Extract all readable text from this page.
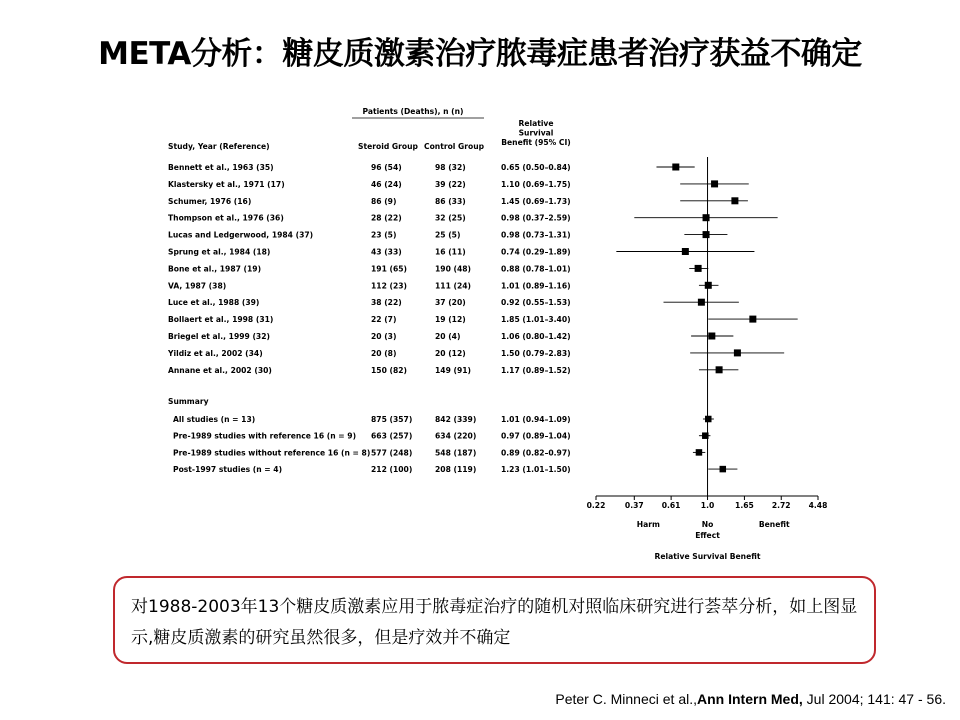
META分析：糖皮质激素治疗脓毒症患者治疗获益不确定
Patients (Deaths), n (n)
Relative
Survival
Benefit (95% CI)
Study, Year (Reference)	Steroid Group Control Group
Bennett et al., 1963 (35)	96 (54)	98 (32)	0.65 (0.50–0.84)
Klastersky et al., 1971 (17)	46 (24)	39 (22)	1.10 (0.69–1.75)
Schumer, 1976 (16)	86 (9)	86 (33)	1.45 (0.69–1.73)
Thompson et al., 1976 (36)	28 (22)	32 (25)	0.98 (0.37–2.59)
Lucas and Ledgerwood, 1984 (37)	23 (5)	25 (5)	0.98 (0.73–1.31)
Sprung et al., 1984 (18)	43 (33)	16 (11)	0.74 (0.29–1.89)
Bone et al., 1987 (19)	191 (65)	190 (48)	0.88 (0.78–1.01)
VA, 1987 (38)	112 (23)	111 (24)	1.01 (0.89–1.16)
Luce et al., 1988 (39)	38 (22)	37 (20)	0.92 (0.55–1.53)
Bollaert et al., 1998 (31)	22 (7)	19 (12)	1.85 (1.01–3.40)
Briegel et al., 1999 (32)	20 (3)	20 (4)	1.06 (0.80–1.42)
Yildiz et al., 2002 (34)	20 (8)	20 (12)	1.50 (0.79–2.83)
Annane et al., 2002 (30)	150 (82)	149 (91)	1.17 (0.89–1.52)
Summary
All studies (n = 13)	875 (357)	842 (339)	1.01 (0.94–1.09)
Pre-1989 studies with reference 16 (n = 9) 663 (257)	634 (220)	0.97 (0.89–1.04)
Pre-1989 studies without reference 16 (n = 8) 577 (248)	548 (187)	0.89 (0.82–0.97)
Post-1997 studies (n = 4)	212 (100)	208 (119)	1.23 (1.01–1.50)
0.22	0.37 0.61	1.0	1.65 2.72 4.48
Harm	No
Effect
Benefit
Relative Survival Benefit
对1988-2003年13个糖皮质激素应用于脓毒症治疗的随机对照临床研究进行荟萃分析，如上图显示,糖皮质激素的研究虽然很多，但是疗效并不确定
Peter C. Minneci et al.,Ann Intern Med, Jul 2004; 141: 47 - 56.
